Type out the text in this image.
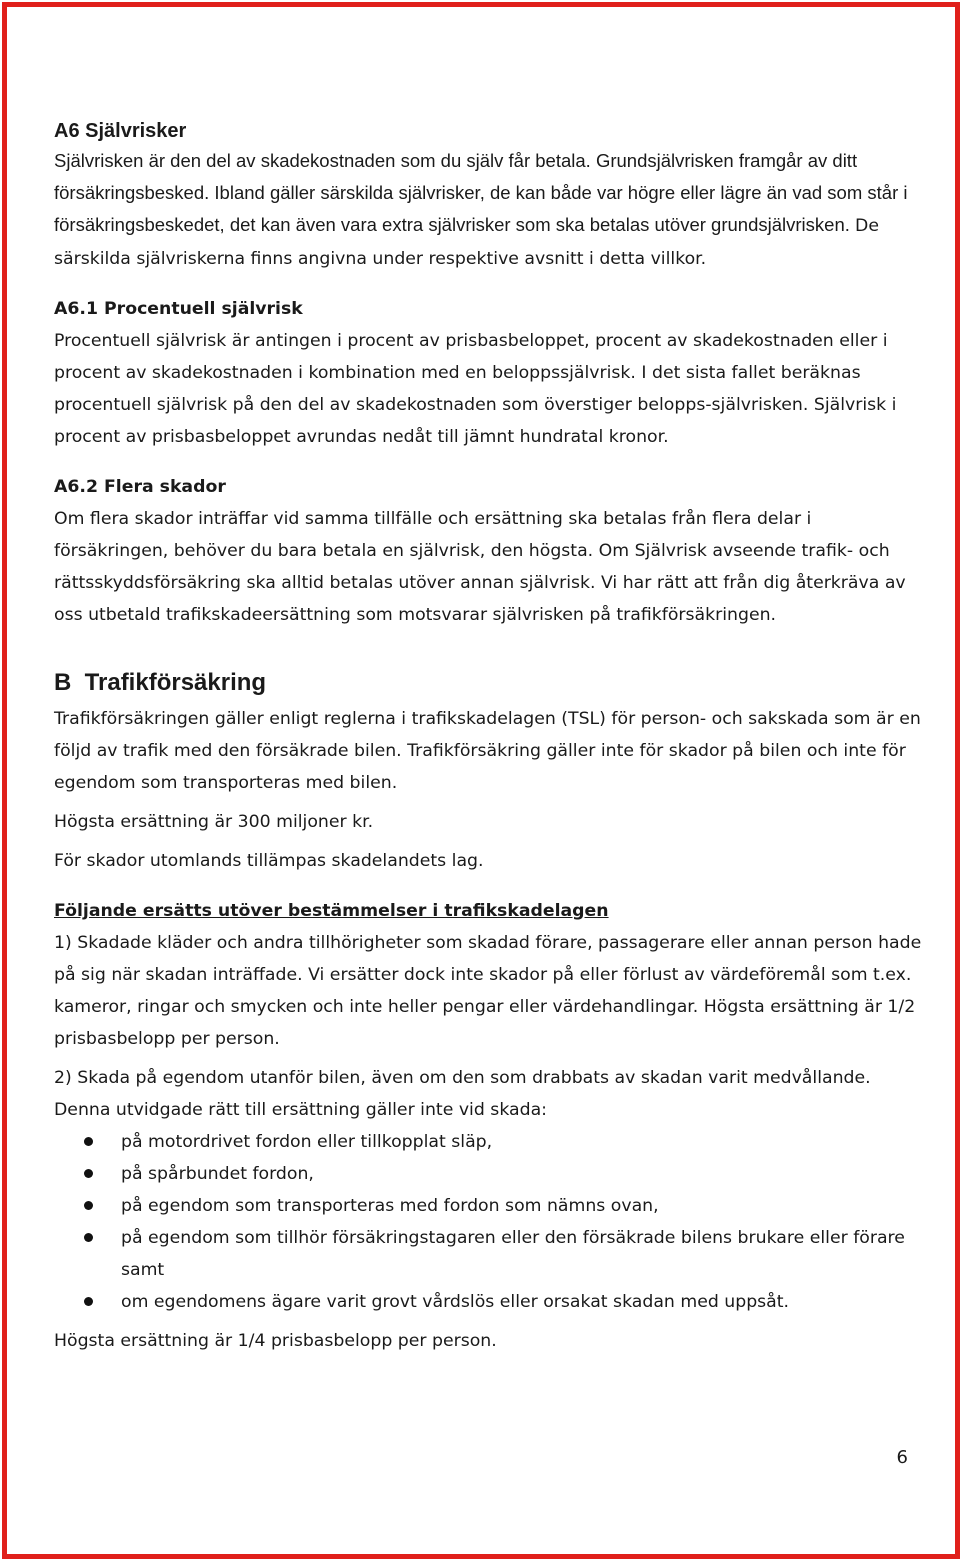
A6 Självrisker

Självrisken är den del av skadekostnaden som du själv får betala. Grundsjälvrisken framgår av ditt försäkringsbesked. Ibland gäller särskilda självrisker, de kan både var högre eller lägre än vad som står i försäkringsbeskedet, det kan även vara extra självrisker som ska betalas utöver grundsjälvrisken. De särskilda självriskerna finns angivna under respektive avsnitt i detta villkor.

A6.1 Procentuell självrisk

Procentuell självrisk är antingen i procent av prisbasbeloppet, procent av skadekostnaden eller i procent av skadekostnaden i kombination med en beloppssjälvrisk. I det sista fallet beräknas procentuell självrisk på den del av skadekostnaden som överstiger belopps-självrisken. Självrisk i procent av prisbasbeloppet avrundas nedåt till jämnt hundratal kronor.

A6.2 Flera skador

Om flera skador inträffar vid samma tillfälle och ersättning ska betalas från flera delar i försäkringen, behöver du bara betala en självrisk, den högsta. Om Självrisk avseende trafik- och rättsskyddsförsäkring ska alltid betalas utöver annan självrisk. Vi har rätt att från dig återkräva av oss utbetald trafikskadeersättning som motsvarar självrisken på trafikförsäkringen.

B  Trafikförsäkring

Trafikförsäkringen gäller enligt reglerna i trafikskadelagen (TSL) för person- och sakskada som är en följd av trafik med den försäkrade bilen. Trafikförsäkring gäller inte för skador på bilen och inte för egendom som transporteras med bilen.

Högsta ersättning är 300 miljoner kr.

För skador utomlands tillämpas skadelandets lag.

Följande ersätts utöver bestämmelser i trafikskadelagen

1) Skadade kläder och andra tillhörigheter som skadad förare, passagerare eller annan person hade på sig när skadan inträffade. Vi ersätter dock inte skador på eller förlust av värdeföremål som t.ex. kameror, ringar och smycken och inte heller pengar eller värdehandlingar. Högsta ersättning är 1/2 prisbasbelopp per person.

2) Skada på egendom utanför bilen, även om den som drabbats av skadan varit medvållande. Denna utvidgade rätt till ersättning gäller inte vid skada:

på motordrivet fordon eller tillkopplat släp,
på spårbundet fordon,
på egendom som transporteras med fordon som nämns ovan,
på egendom som tillhör försäkringstagaren eller den försäkrade bilens brukare eller förare samt
om egendomens ägare varit grovt vårdslös eller orsakat skadan med uppsåt.

Högsta ersättning är 1/4 prisbasbelopp per person.

6
